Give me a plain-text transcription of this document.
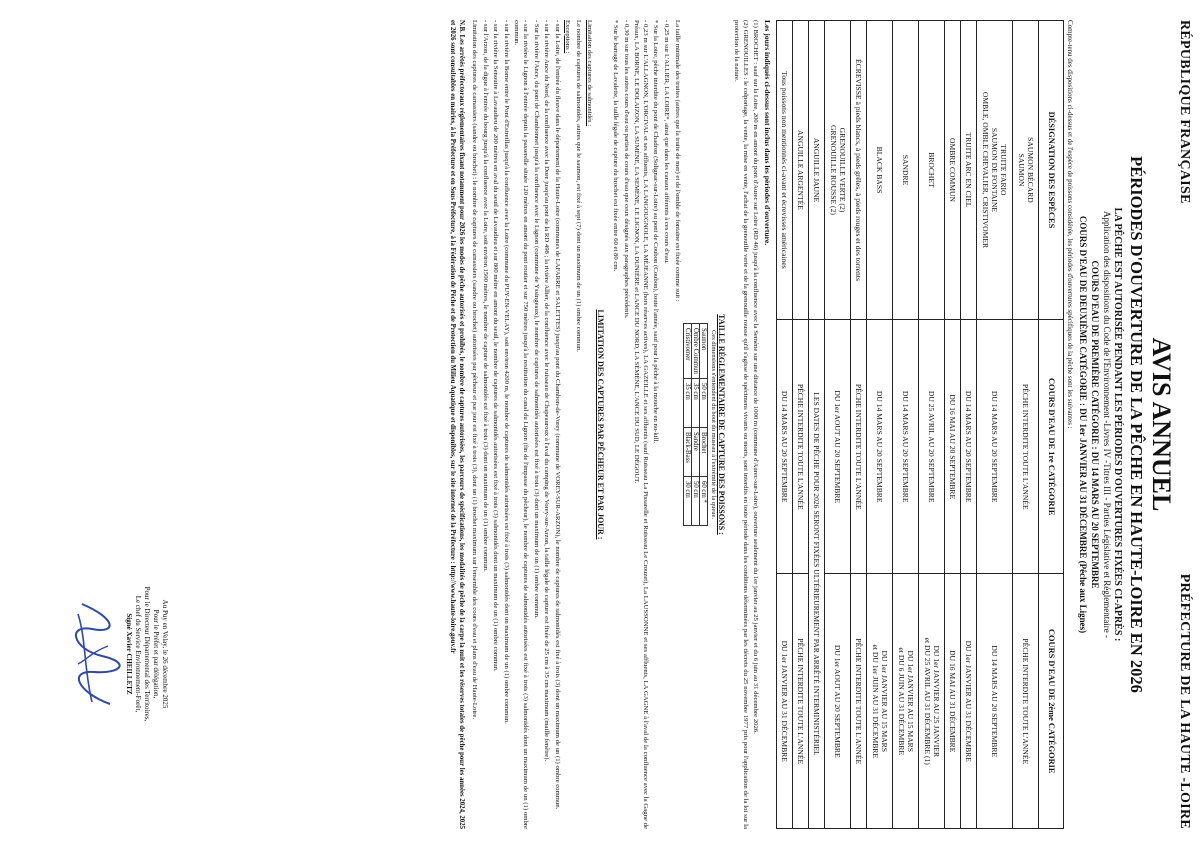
RÉPUBLIQUE FRANÇAISE
PRÉFECTURE DE LA HAUTE -LOIRE
AVIS ANNUEL
PÉRIODES D'OUVERTURE DE LA PÊCHE EN HAUTE-LOIRE EN 2026
LA PÊCHE EST AUTORISÉE PENDANT LES PÉRIODES D'OUVERTURES FIXÉES CI-APRÈS :
Application des dispositions du Code de l'Environnement -Livres IV -Titres III - Parties Législative et Réglementaire -
COURS D'EAU DE PREMIÈRE CATÉGORIE : DU 14 MARS AU 20 SEPTEMBRE
COURS D'EAU DE DEUXIÈME CATÉGORIE : DU 1er JANVIER AU 31 DÉCEMBRE (Pêche aux Lignes)
Compte-tenu des dispositions ci-dessus et de l'espèce de poissons considérée, les périodes d'ouvertures spécifiques de la pêche sont les suivantes :
DÉSIGNATION DES ESPÈCES	COURS D'EAU DE 1re CATÉGORIE	COURS D'EAU DE 2ème CATÉGORIE

SAUMON BÉCARD
SAUMON	PÊCHE INTERDITE TOUTE L'ANNÉE	PÊCHE INTERDITE TOUTE L'ANNÉE

TRUITE FARIO
SAUMON DE FONTAINE
OMBLE, OMBLE CHEVALIER, CRISTIVOMER	DU 14 MARS AU 20 SEPTEMBRE	DU 14 MARS AU 20 SEPTEMBRE

TRUITE ARC EN CIEL	DU 14 MARS AU 20 SEPTEMBRE	DU 1er JANVIER AU 31 DÉCEMBRE

OMBRE COMMUN	DU 16 MAI AU 20 SEPTEMBRE	DU 16 MAI AU 31 DÉCEMBRE

BROCHET	DU 25 AVRIL AU 20 SEPTEMBRE	DU 1er JANVIER AU 25 JANVIER
et DU 25 AVRIL AU 31 DÉCEMBRE (1)

SANDRE	DU 14 MARS AU 20 SEPTEMBRE	DU 1er JANVIER AU 15 MARS
et DU 6 JUIN AU 31 DÉCEMBRE

BLACK BASS	DU 14 MARS AU 20 SEPTEMBRE	DU 1er JANVIER AU 15 MARS
et DU 1er JUIN AU 31 DÉCEMBRE

ÉCREVISSE à pieds blancs, à pieds grêles, à pieds rouges et des torrents	PÊCHE INTERDITE TOUTE L'ANNÉE	PÊCHE INTERDITE TOUTE L'ANNÉE

GRENOUILLE VERTE (2)
GRENOUILLE ROUSSE (2)	DU 1er AOUT AU 20 SEPTEMBRE	DU 1er AOUT AU 20 SEPTEMBRE

ANGUILLE JAUNE	LES DATES DE PÊCHE POUR 2026 SERONT FIXÉES ULTÉRIEUREMENT PAR ARRÊTÉ INTERMINISTÉRIEL	

ANGUILLE ARGENTÉE	PÊCHE INTERDITE TOUTE L'ANNÉE	PÊCHE INTERDITE TOUTE L'ANNÉE

Tous poissons non mentionnés ci-avant et écrevisses américaines	DU 14 MARS AU 20 SEPTEMBRE	DU 1er JANVIER AU 31 DÉCEMBRE
Les jours indiqués ci-dessus sont inclus dans les périodes d'ouverture.
(1) BROCHET : sauf sur la Loire, 200 m en amont du pont d'Aurec sur Loire (RD 46) jusqu'à la confluence avec la Semène sur une distance de 1000 m (commune d'Aurec-sur-Loire), ouverture seulement du 1er janvier au 25 janvier et du 6 juin au 31 décembre 2026.
(2) GRENOUILLES : le colportage, la vente, la mise en vente, l'achat de la grenouille verte et de la grenouille rousse qu'il s'agisse de spécimens vivants ou morts, sont interdits en toute période dans les conditions déterminées par les décrets du 25 novembre 1977 pris pour l'application de la loi sur la protection de la nature.
TAILLE RÉGLEMENTAIRE DE CAPTURE DES POISSONS :
Ces dimensions s'entendent du bout du museau à l'extrémité de la queue.
Saumon	50 cm	Brochet	60 cm *
Ombre Commun	35 cm	Sandre	50 cm
Cristivomer	35 cm	Black-Bass	30 cm
La taille minimale des truites (autres que la truite de mer) et de l'omble de fontaine est fixée comme suit :
- 0,25 m sur L'ALLIER, LA LOIRE*, ainsi que dans les canaux afférents à ces cours d'eau.
* Sur la Loire, pêche interdite du pont de Chadron (Solignac-sur-Loire) au pont de Coubon (Coubon), toute l'année, sauf pour la pêche à la mouche en no-kill.
- 0,23 m sur L'ALLAGNON, L'ORCIVAL et ses affluents, LA LANGOUGNOLE, LA MÉJEANNE (hors réserves actives), LA GAZEILLE et ses affluents (sauf Ruisseau La Pissarelle et Ruisseau Le Crouzet), La LAUSSONNE et ses affluents, LA GAGNE à l'aval de la confluence avec la Gagne de Préaux, LA BORNE, LE DOLAIZON, LA SUMÈNE, LA SEMÈNE, LE LIGNON, LA DUNIÈRE et LANCE DU NORD, LA SÉMÈNE, L'ANCE DU SUD, LE DÉGOUT.
- 0,30 m sur tous les autres cours d'eau ou parties de cours d'eau que ceux désignés aux paragraphes précédents.
* Sur le barrage de Lavalette, la taille légale de capture du brochet est fixée entre 60 et 80 cm.
LIMITATION DES CAPTURES PAR PÊCHEUR ET PAR JOUR :
Limitation des captures de salmonidés :
Le nombre de captures de salmonidés, autres que le saumon, est fixé à sept (7) dont un maximum de un (1) ombre commun.
Exceptions :
- sur la Loire, de l'entrée du fleuve dans le département de la Haute-Loire (communes de LAFARRE et SALETTES) jusqu'au pont du Chambon-de-Vorey (commune de VOREY-SUR-ARZON), le nombre de captures de salmonidés est fixé à trois (3) dont un maximum de un (1) ombre commun.
- sur la rivière Ance du Nord, de la confluence avec la Dore jusqu'au pont de la RD 498 ; la rivière Allier, de la confluence avec le ruisseau de Chapeauroux à l'aval du camping de Vorey-sur-Arzon, la taille légale de capture est fixée de 25 cm à 35 cm maximum (maille fenêtre).
- Sur la rivière l'Ance, du pont de Chambonnet jusqu'à la confluence avec le Lignon (commune de Yssingeaux), le nombre de captures de salmonidés autorisées est fixé à trois (3) dont un maximum de un (1) ombre commun.
- sur la rivière le Lignon à l'entrée depuis la passerelle située 120 mètres en amont du pont routier et sur 750 mètres jusqu'à la restitution du canal du Lignon (fin de l'impasse du pêcheur), le nombre de captures de salmonidés autorisées est fixé à trois (3) salmonidés dont un maximum de un (1) ombre commun.
- sur la rivière la Borne entre le Pont d'Estreillas jusqu'à la confluence avec la Loire (commune du PUY-EN-VELAY), soit environ 4200 m, le nombre de captures de salmonidés autorisées est fixé à trois (3) salmonidés dont un maximum de un (1) ombre commun.
- sur la rivière la Senouire à Lavaudieu de 200 mètres en aval du seuil de Lavaudieu et sur 800 mètre en amont du seuil, le nombre de captures de salmonidés autorisées est fixé à trois (3) salmonidés dont un maximum de un (1) ombre commun.
- sur l'Arzon, de la digue à l'entrée du bourg jusqu'à la confluence avec la Loire, soit environ 1500 mètres, le nombre de capture de salmonidés est fixé à trois (3) dont un maximum de un (1) ombre commun.
Limitation des captures de carnassiers (sandre ou brochet) : le nombre de captures de carnassiers (sandre ou brochet) autorisées par pêcheur et par jour est fixé à trois (3), dont un (1) brochet maximum sur l'ensemble des cours d'eau et plans d'eau de Haute-Loire.
N.B. Les arrêtés préfectoraux réglementaires fixant notamment pour 2026 les modes de pêche autorisés et prohibés, le nombre de captures autorisées, les parcours de spécifications, les modalités de pêche de la carpe la nuit et les réserves totales de pêche pour les années 2024, 2025 et 2026 sont consultables en mairies, à la Préfecture et en Sous Préfecture, à la Fédération de Pêche et de Protection du Milieu Aquatique et disponibles, sur le site internet de la Préfecture : http://www.haute-loire.gouv.fr
Au Puy en Velay, le 26 décembre 2025
Pour le Préfet et par délégation,
Pour le Directeur Départemental des Territoires,
Le chef du Service Environnement-Forêt,
Signé Xavier CHEILLETZ
